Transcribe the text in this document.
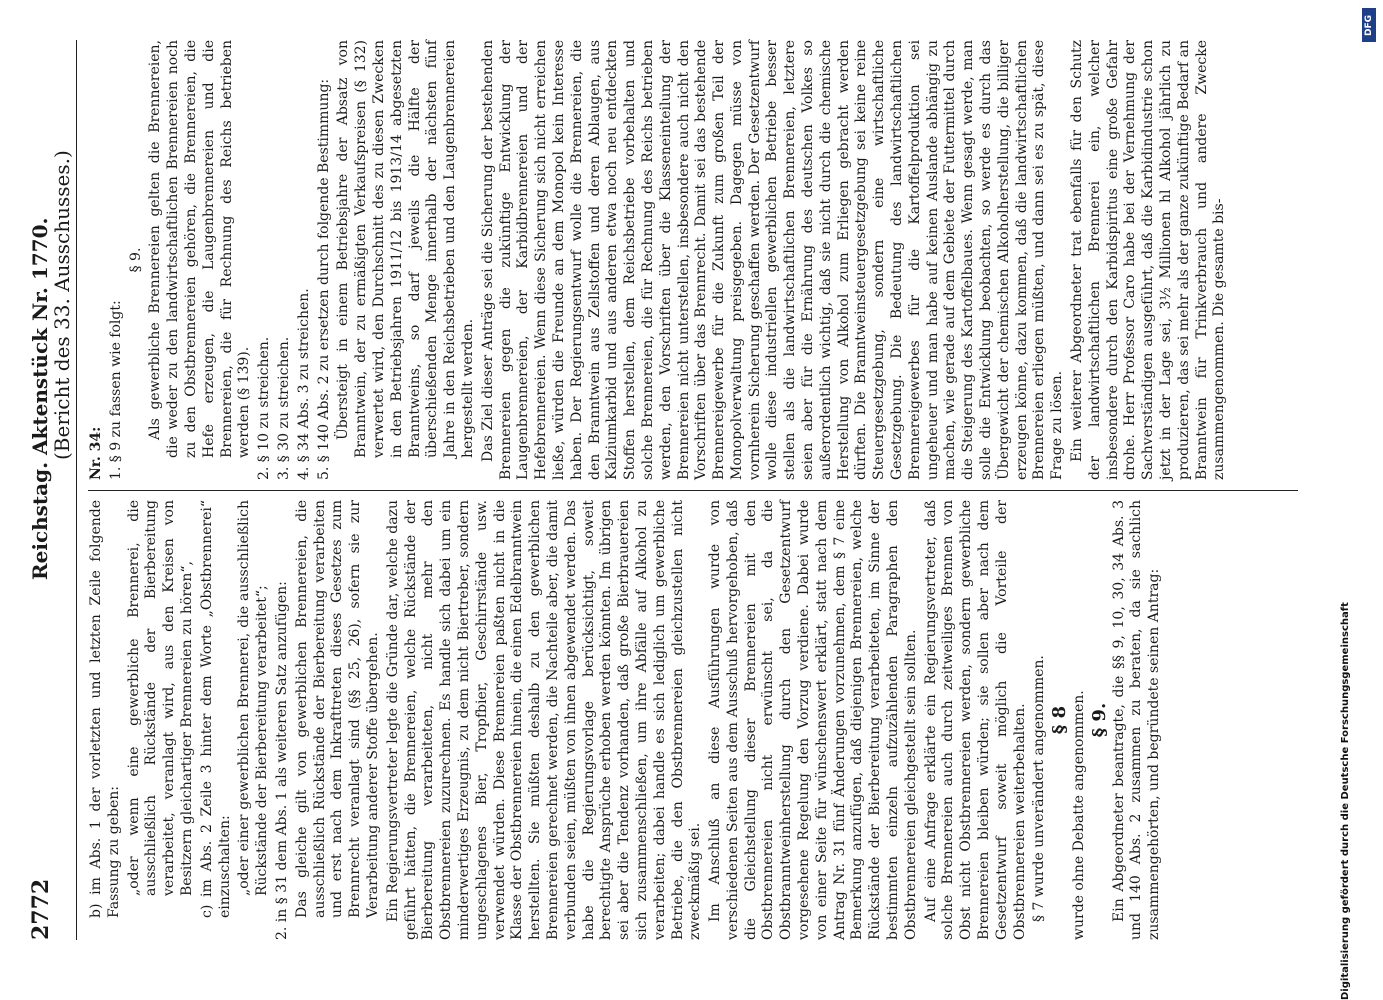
2772
Reichstag. Aktenstück Nr. 1770.
(Bericht des 33. Ausschusses.)

b) im Abs. 1 der vorletzten und letzten Zeile folgende Fassung zu geben: „oder wenn eine gewerbliche Brennerei, die ausschließlich Rückstände der Bierbereitung verarbeitet, veranlagt wird, aus den Kreisen von Besitzern gleichartiger Brennereien zu hören“, c) im Abs. 2 Zeile 3 hinter dem Worte „Obstbrennerei“ einzuschalten: „oder einer gewerblichen Brennerei, die ausschließlich Rückstände der Bierbereitung verarbeitet“; 2. in § 31 dem Abs. 1 als weiteren Satz anzufügen: Das gleiche gilt von gewerblichen Brennereien, die ausschließlich Rückstände der Bierbereitung verarbeiten und erst nach dem Inkrafttreten dieses Gesetzes zum Brennrecht veranlagt sind (§§ 25, 26), sofern sie zur Verarbeitung anderer Stoffe übergehen. Ein Regierungsvertreter legte die Gründe dar, welche dazu geführt hätten, die Brennereien, welche Rückstände der Bierbereitung verarbeiteten, nicht mehr den Obstbrennereien zuzurechnen. Es handle sich dabei um ein minderwertiges Erzeugnis, zu dem nicht Biertreber, sondern ungeschlagenes Bier, Tropfbier, Geschirrstände usw. verwendet würden. Diese Brennereien paßten nicht in die Klasse der Obstbrennereien hinein, die einen Edelbranntwein herstellten. Sie müßten deshalb zu den gewerblichen Brennereien gerechnet werden, die Nachteile aber, die damit verbunden seien, müßten von ihnen abgewendet werden. Das habe die Regierungsvorlage berücksichtigt, soweit berechtigte Ansprüche erhoben werden könnten. Im übrigen sei aber die Tendenz vorhanden, daß große Bierbrauereien sich zusammenschließen, um ihre Abfälle auf Alkohol zu verarbeiten; dabei handle es sich lediglich um gewerbliche Betriebe, die den Obstbrennereien gleichzustellen nicht zweckmäßig sei. Im Anschluß an diese Ausführungen wurde von verschiedenen Seiten aus dem Ausschuß hervorgehoben, daß die Gleichstellung dieser Brennereien mit den Obstbrennereien nicht erwünscht sei, da die Obstbranntweinherstellung durch den Gesetzentwurf vorgesehene Regelung den Vorzug verdiene. Dabei wurde von einer Seite für wünschenswert erklärt, statt nach dem Antrag Nr. 31 fünf Änderungen vorzunehmen, dem § 7 eine Bemerkung anzufügen, daß diejenigen Brennereien, welche Rückstände der Bierbereitung verarbeiteten, im Sinne der bestimmten einzeln aufzuzählenden Paragraphen den Obstbrennereien gleichgestellt sein sollten. Auf eine Anfrage erklärte ein Regierungsvertreter, daß solche Brennereien auch durch zeitweiliges Brennen von Obst nicht Obstbrennereien werden, sondern gewerbliche Brennereien bleiben würden; sie sollen aber nach dem Gesetzentwurf soweit möglich die Vorteile der Obstbrennereien weiterbehalten. § 7 wurde unverändert angenommen. § 8 wurde ohne Debatte angenommen. § 9. Ein Abgeordneter beantragte, die §§ 9, 10, 30, 34 Abs. 3 und 140 Abs. 2 zusammen zu beraten, da sie sachlich zusammengehörten, und begründete seinen Antrag:

Nr. 34: 1. § 9 zu fassen wie folgt:

§ 9. Als gewerbliche Brennereien gelten die Brennereien, die weder zu den landwirtschaftlichen Brennereien noch zu den Obstbrennereien gehören, die Brennereien, die Hefe erzeugen, die Laugenbrennereien und die Brennereien, die für Rechnung des Reichs betrieben werden (§ 139). 2. § 10 zu streichen. 3. § 30 zu streichen. 4. § 34 Abs. 3 zu streichen. 5. § 140 Abs. 2 zu ersetzen durch folgende Bestimmung: Übersteigt in einem Betriebsjahre der Absatz von Branntwein, der zu ermäßigten Verkaufspreisen (§ 132) verwertet wird, den Durchschnitt des zu diesen Zwecken in den Betriebsjahren 1911/12 bis 1913/14 abgesetzten Branntweins, so darf jeweils die Hälfte der überschießenden Menge innerhalb der nächsten fünf Jahre in den Reichsbetrieben und den Laugenbrennereien hergestellt werden. Das Ziel dieser Anträge sei die Sicherung der bestehenden Brennereien gegen die zukünftige Entwicklung der Laugenbrennereien, der Karbidbrennereien und der Hefebrennereien. Wenn diese Sicherung sich nicht erreichen ließe, würden die Freunde an dem Monopol kein Interesse haben. Der Regierungsentwurf wolle die Brennereien, die den Branntwein aus Zellstoffen und deren Ablaugen, aus Kalziumkarbid und aus anderen etwa noch neu entdeckten Stoffen herstellen, dem Reichsbetriebe vorbehalten und solche Brennereien, die für Rechnung des Reichs betrieben werden, den Vorschriften über die Klasseneinteilung der Brennereien nicht unterstellen, insbesondere auch nicht den Vorschriften über das Brennrecht. Damit sei das bestehende Brennereigewerbe für die Zukunft zum großen Teil der Monopolverwaltung preisgegeben. Dagegen müsse von vornherein Sicherung geschaffen werden. Der Gesetzentwurf wolle diese industriellen gewerblichen Betriebe besser stellen als die landwirtschaftlichen Brennereien, letztere seien aber für die Ernährung des deutschen Volkes so außerordentlich wichtig, daß sie nicht durch die chemische Herstellung von Alkohol zum Erliegen gebracht werden dürften. Die Branntweinsteuergesetzgebung sei keine reine Steuergesetzgebung, sondern eine wirtschaftliche Gesetzgebung. Die Bedeutung des landwirtschaftlichen Brennereigewerbes für die Kartoffelproduktion sei ungeheuer und man habe auf keinen Auslande abhängig zu machen, wie gerade auf dem Gebiete der Futtermittel durch die Steigerung des Kartoffelbaues. Wenn gesagt werde, man solle die Entwicklung beobachten, so werde es durch das Übergewicht der chemischen Alkoholherstellung, die billiger erzeugen könne, dazu kommen, daß die landwirtschaftlichen Brennereien erliegen müßten, und dann sei es zu spät, diese Frage zu lösen. Ein weiterer Abgeordneter trat ebenfalls für den Schutz der landwirtschaftlichen Brennerei ein, welcher insbesondere durch den Karbidspiritus eine große Gefahr drohe. Herr Professor Caro habe bei der Vernehmung der Sachverständigen ausgeführt, daß die Karbidindustrie schon jetzt in der Lage sei, 3½ Millionen hl Alkohol jährlich zu produzieren, das sei mehr als der ganze zukünftige Bedarf an Branntwein für Trinkverbrauch und andere Zwecke zusammengenommen. Die gesamte bis-

Digitalisierung gefördert durch die Deutsche Forschungsgemeinschaft
DFG
